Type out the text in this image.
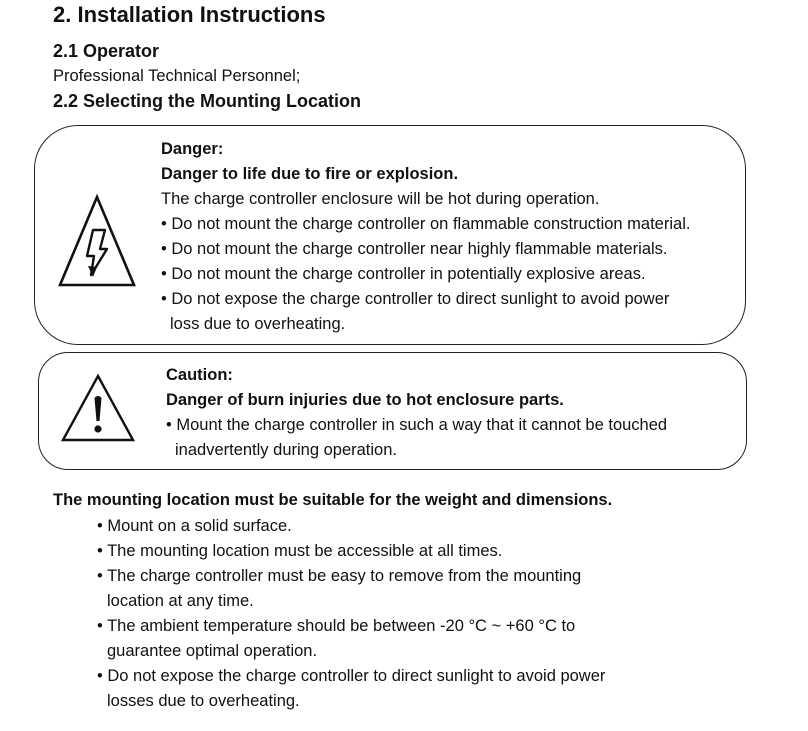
2. Installation Instructions
2.1 Operator
Professional Technical Personnel;
2.2 Selecting the Mounting Location
Danger:
Danger to life due to fire or explosion.
The charge controller enclosure will be hot during operation.
• Do not mount the charge controller on flammable construction material.
• Do not mount the charge controller near highly flammable materials.
• Do not mount the charge controller in potentially explosive areas.
• Do not expose the charge controller to direct sunlight to avoid power
loss due to overheating.
Caution:
Danger of burn injuries due to hot enclosure parts.
• Mount the charge controller in such a way that it cannot be touched
inadvertently during operation.
The mounting location must be suitable for the weight and dimensions.
• Mount on a solid surface.
• The mounting location must be accessible at all times.
• The charge controller must be easy to remove from the mounting
location at any time.
• The ambient temperature should be between -20 °C ~ +60 °C to
guarantee optimal operation.
• Do not expose the charge controller to direct sunlight to avoid power
losses due to overheating.
